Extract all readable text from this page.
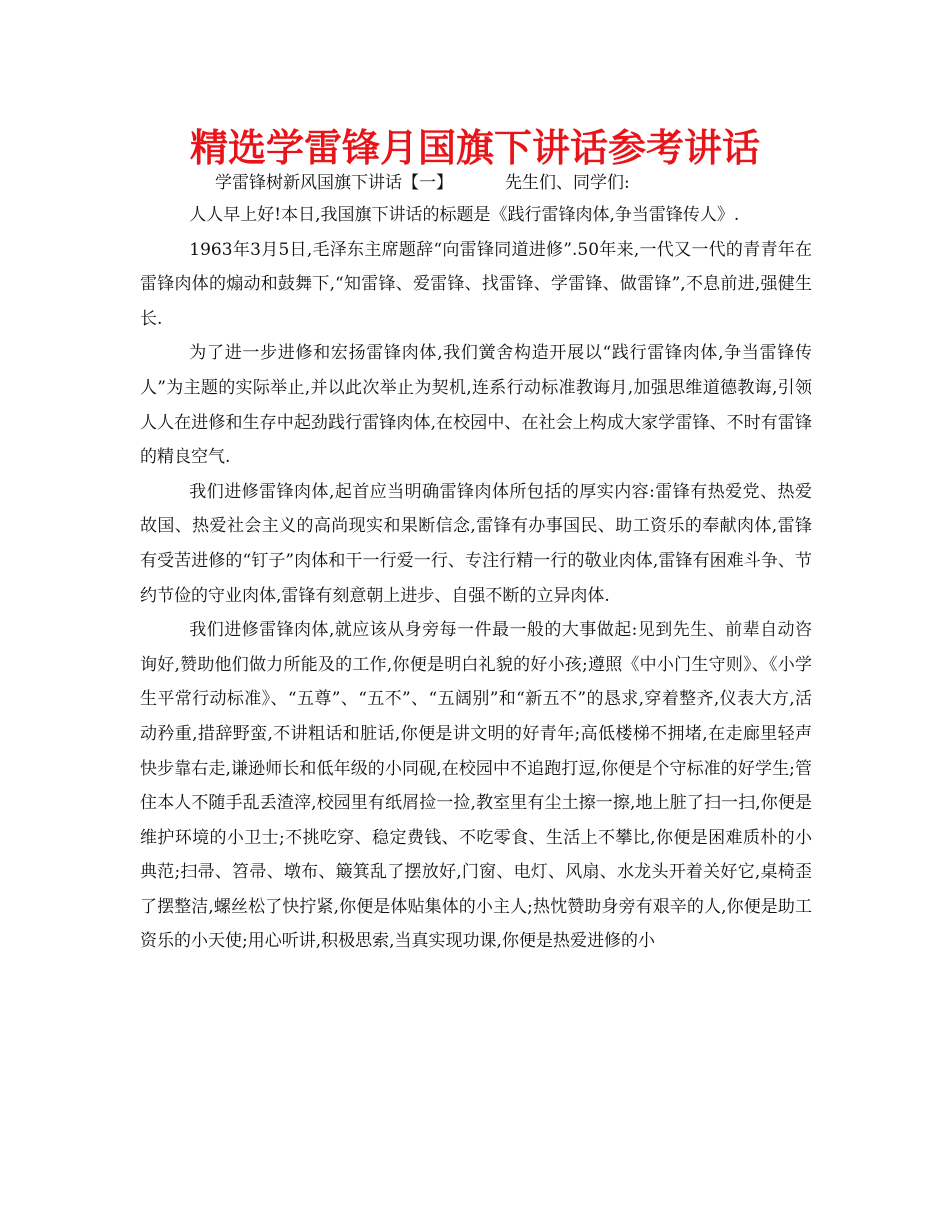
精选学雷锋月国旗下讲话参考讲话
学雷锋树新风国旗下讲话【一】	先生们、同学们:

人人早上好!本日,我国旗下讲话的标题是《践行雷锋肉体,争当雷锋传人》.

1963年3月5日,毛泽东主席题辞“向雷锋同道进修”.50年来,一代又一代的青青年在雷锋肉体的煽动和鼓舞下,“知雷锋、爱雷锋、找雷锋、学雷锋、做雷锋”,不息前进,强健生长.

为了进一步进修和宏扬雷锋肉体,我们黉舍构造开展以“践行雷锋肉体,争当雷锋传人”为主题的实际举止,并以此次举止为契机,连系行动标准教诲月,加强思维道德教诲,引领人人在进修和生存中起劲践行雷锋肉体,在校园中、在社会上构成大家学雷锋、不时有雷锋的精良空气.

我们进修雷锋肉体,起首应当明确雷锋肉体所包括的厚实内容:雷锋有热爱党、热爱故国、热爱社会主义的高尚现实和果断信念,雷锋有办事国民、助工资乐的奉献肉体,雷锋有受苦进修的“钉子”肉体和干一行爱一行、专注行精一行的敬业肉体,雷锋有困难斗争、节约节俭的守业肉体,雷锋有刻意朝上进步、自强不断的立异肉体.

我们进修雷锋肉体,就应该从身旁每一件最一般的大事做起:见到先生、前辈自动咨询好,赞助他们做力所能及的工作,你便是明白礼貌的好小孩;遵照《中小门生守则》、《小学生平常行动标准》、“五尊”、“五不”、“五阔别”和“新五不”的恳求,穿着整齐,仪表大方,活动矜重,措辞野蛮,不讲粗话和脏话,你便是讲文明的好青年;高低楼梯不拥堵,在走廊里轻声快步靠右走,谦逊师长和低年级的小同砚,在校园中不追跑打逗,你便是个守标准的好学生;管住本人不随手乱丢渣滓,校园里有纸屑捡一捡,教室里有尘土擦一擦,地上脏了扫一扫,你便是维护环境的小卫士;不挑吃穿、稳定费钱、不吃零食、生活上不攀比,你便是困难质朴的小典范;扫帚、笤帚、墩布、簸箕乱了摆放好,门窗、电灯、风扇、水龙头开着关好它,桌椅歪了摆整洁,螺丝松了快拧紧,你便是体贴集体的小主人;热忱赞助身旁有艰辛的人,你便是助工资乐的小天使;用心听讲,积极思索,当真实现功课,你便是热爱进修的小
